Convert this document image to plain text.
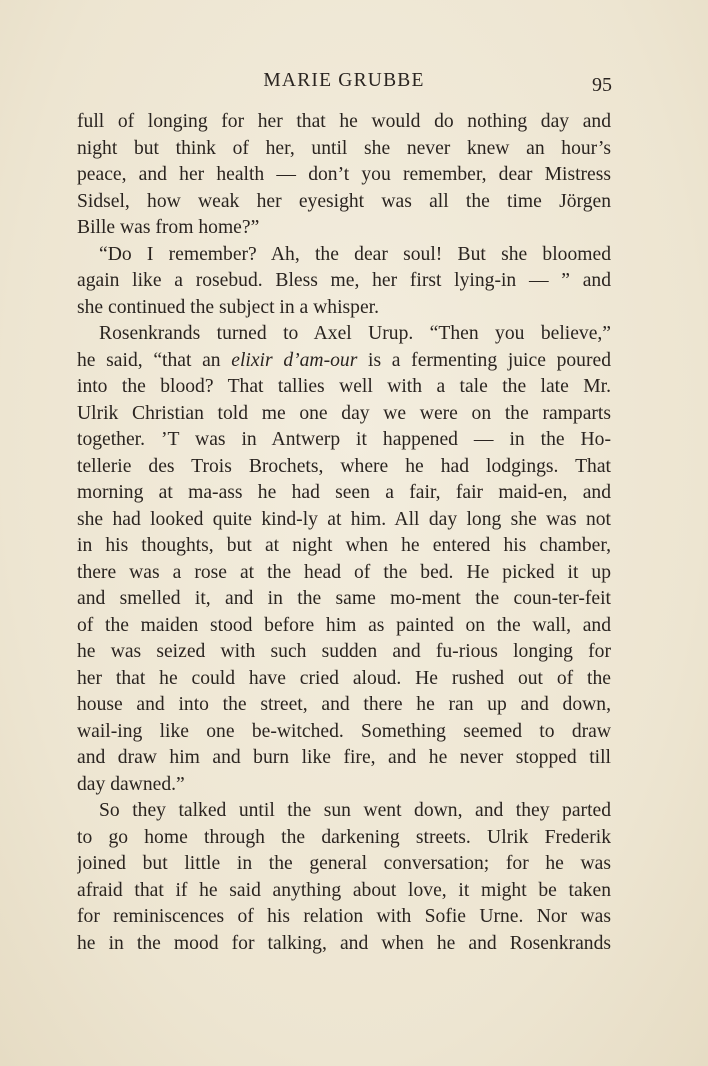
MARIE GRUBBE	95
full of longing for her that he would do nothing day and
night but think of her, until she never knew an hour’s
peace, and her health — don’t you remember, dear Mistress
Sidsel, how weak her eyesight was all the time Jörgen
Bille was from home?”
“Do I remember? Ah, the dear soul! But she bloomed
again like a rosebud. Bless me, her first lying-in — ” and
she continued the subject in a whisper.
Rosenkrands turned to Axel Urup. “Then you believe,”
he said, “that an elixir d’am-our is a fermenting juice poured
into the blood? That tallies well with a tale the late Mr.
Ulrik Christian told me one day we were on the ramparts
together. ’T was in Antwerp it happened — in the Ho-
tellerie des Trois Brochets, where he had lodgings. That
morning at ma-ass he had seen a fair, fair maid-en, and
she had looked quite kind-ly at him. All day long she was not
in his thoughts, but at night when he entered his chamber,
there was a rose at the head of the bed. He picked it up
and smelled it, and in the same mo-ment the coun-ter-feit
of the maiden stood before him as painted on the wall, and
he was seized with such sudden and fu-rious longing for
her that he could have cried aloud. He rushed out of the
house and into the street, and there he ran up and down,
wail-ing like one be-witched. Something seemed to draw
and draw him and burn like fire, and he never stopped till
day dawned.”
So they talked until the sun went down, and they parted
to go home through the darkening streets. Ulrik Frederik
joined but little in the general conversation; for he was
afraid that if he said anything about love, it might be taken
for reminiscences of his relation with Sofie Urne. Nor was
he in the mood for talking, and when he and Rosenkrands
